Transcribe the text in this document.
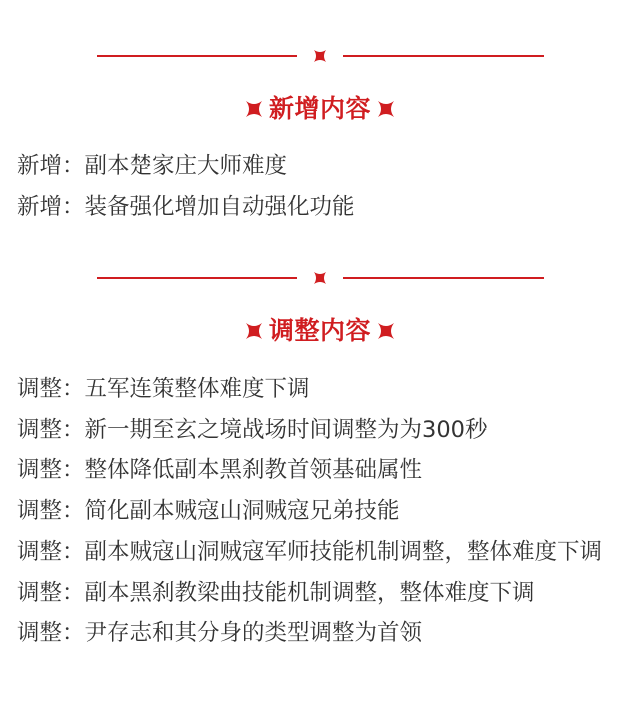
新增内容
新增：副本楚家庄大师难度
新增：装备强化增加自动强化功能
调整内容
调整：五军连策整体难度下调
调整：新一期至玄之境战场时间调整为为300秒
调整：整体降低副本黑刹教首领基础属性
调整：简化副本贼寇山洞贼寇兄弟技能
调整：副本贼寇山洞贼寇军师技能机制调整，整体难度下调
调整：副本黑刹教梁曲技能机制调整，整体难度下调
调整：尹存志和其分身的类型调整为首领
